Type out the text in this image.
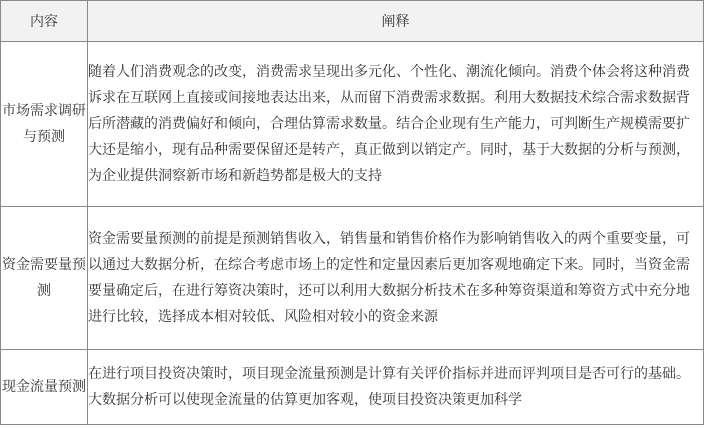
内容	阐释
市场需求调研与预测	随着人们消费观念的改变，消费需求呈现出多元化、个性化、潮流化倾向。消费个体会将这种消费诉求在互联网上直接或间接地表达出来，从而留下消费需求数据。利用大数据技术综合需求数据背后所潜藏的消费偏好和倾向，合理估算需求数量。结合企业现有生产能力，可判断生产规模需要扩大还是缩小，现有品种需要保留还是转产，真正做到以销定产。同时，基于大数据的分析与预测，为企业提供洞察新市场和新趋势都是极大的支持
资金需要量预测	资金需要量预测的前提是预测销售收入，销售量和销售价格作为影响销售收入的两个重要变量，可以通过大数据分析，在综合考虑市场上的定性和定量因素后更加客观地确定下来。同时，当资金需要量确定后，在进行筹资决策时，还可以利用大数据分析技术在多种筹资渠道和筹资方式中充分地进行比较，选择成本相对较低、风险相对较小的资金来源
现金流量预测	在进行项目投资决策时，项目现金流量预测是计算有关评价指标并进而评判项目是否可行的基础。大数据分析可以使现金流量的估算更加客观，使项目投资决策更加科学
